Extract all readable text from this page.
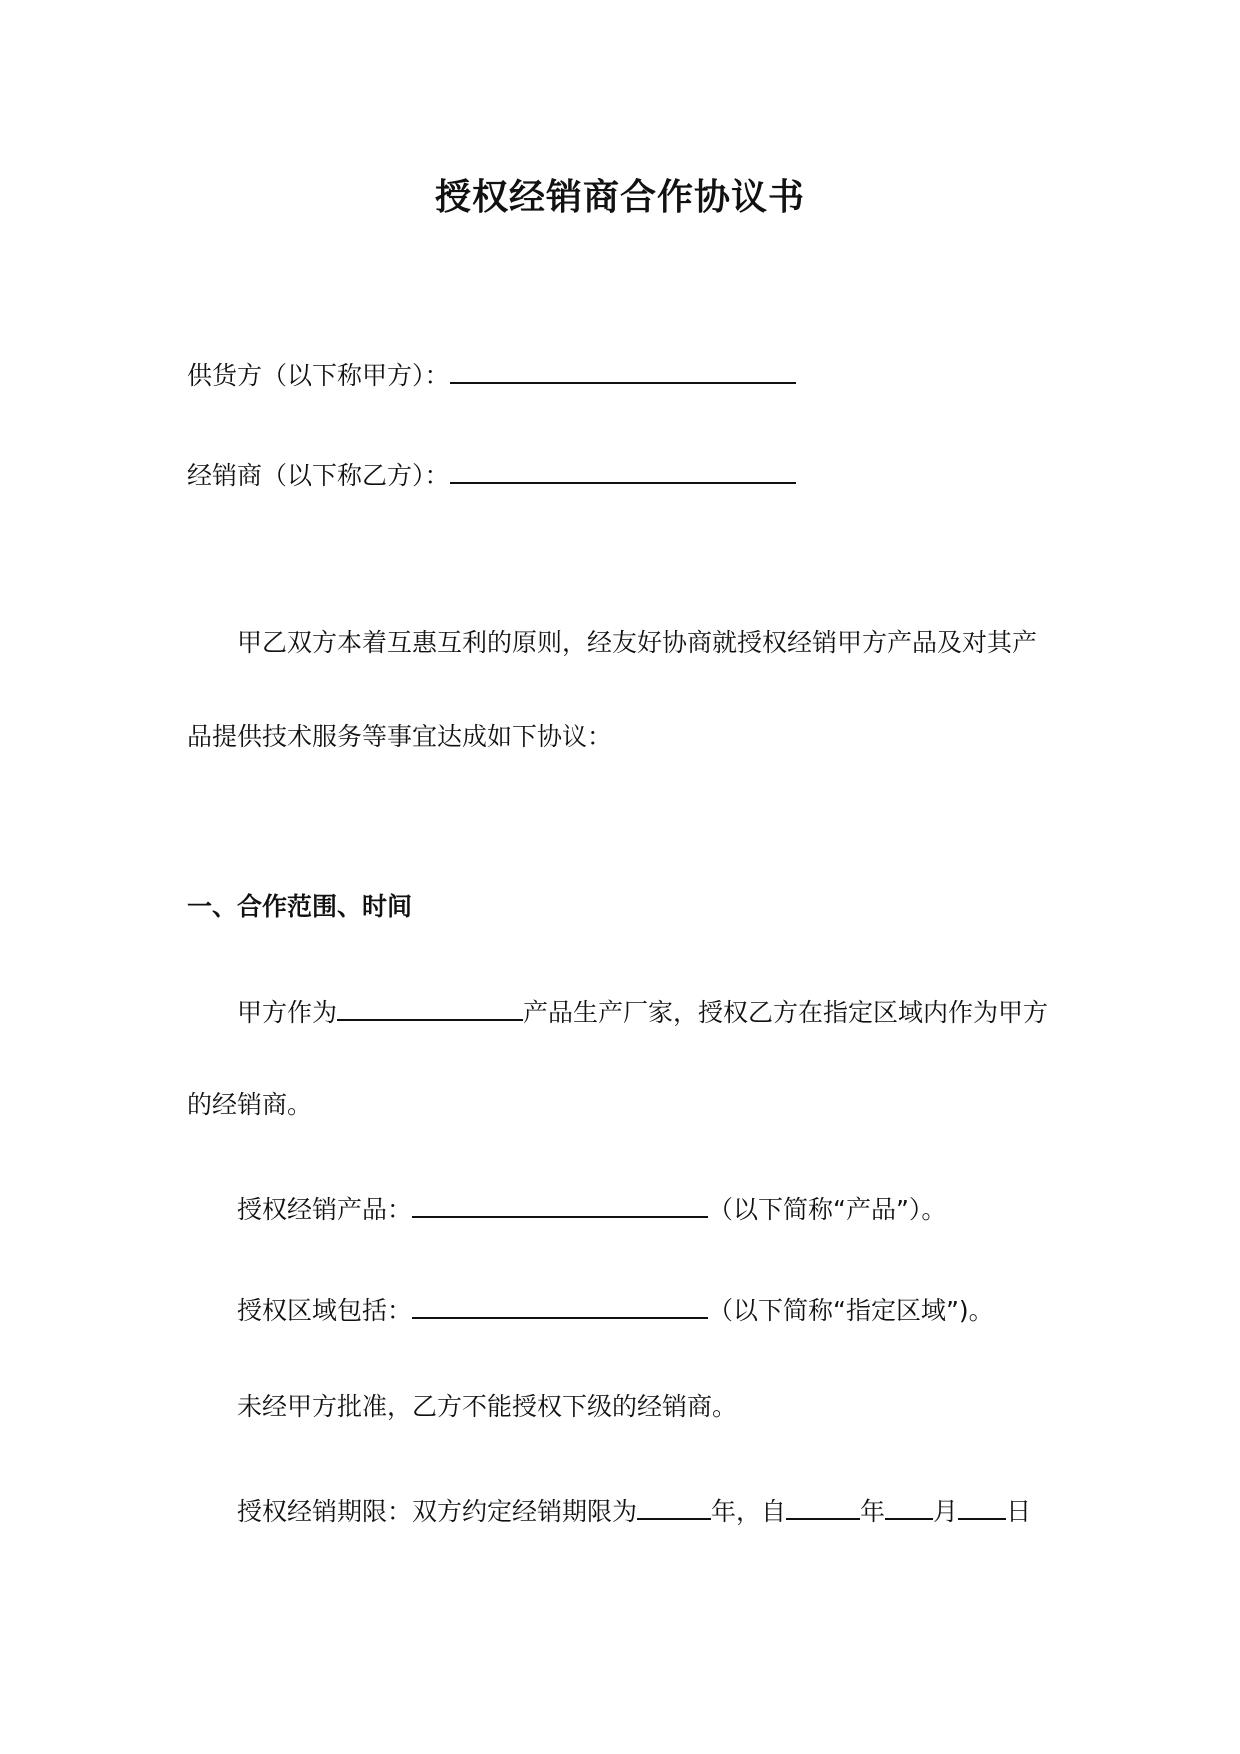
授权经销商合作协议书
供货方（以下称甲方）：
经销商（以下称乙方）：
甲乙双方本着互惠互利的原则，经友好协商就授权经销甲方产品及对其产
品提供技术服务等事宜达成如下协议：
一、合作范围、时间
甲方作为	产品生产厂家，授权乙方在指定区域内作为甲方
的经销商。
授权经销产品：	（以下简称“产品”）。
授权区域包括：	（以下简称“指定区域”)。
未经甲方批准，乙方不能授权下级的经销商。
授权经销期限：双方约定经销期限为	年，自	年 月 日
